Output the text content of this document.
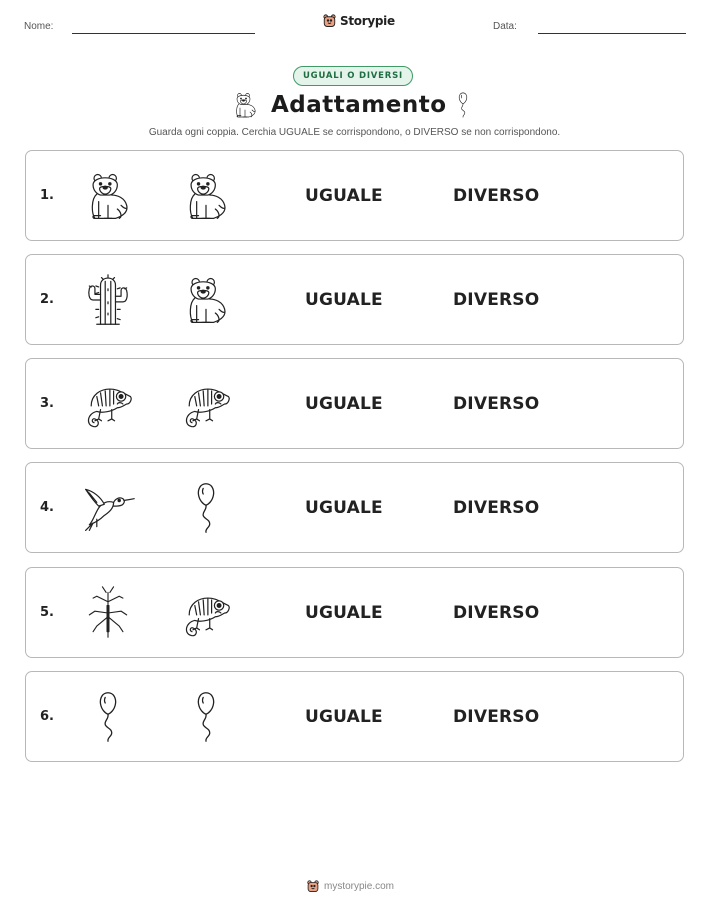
Nome:	Storypie	Data:
UGUALI O DIVERSI
Adattamento
Guarda ogni coppia. Cerchia UGUALE se corrispondono, o DIVERSO se non corrispondono.
1.	UGUALE	DIVERSO
2.	UGUALE	DIVERSO
3.	UGUALE	DIVERSO
4.	UGUALE	DIVERSO
5.	UGUALE	DIVERSO
6.	UGUALE	DIVERSO
mystorypie.com
